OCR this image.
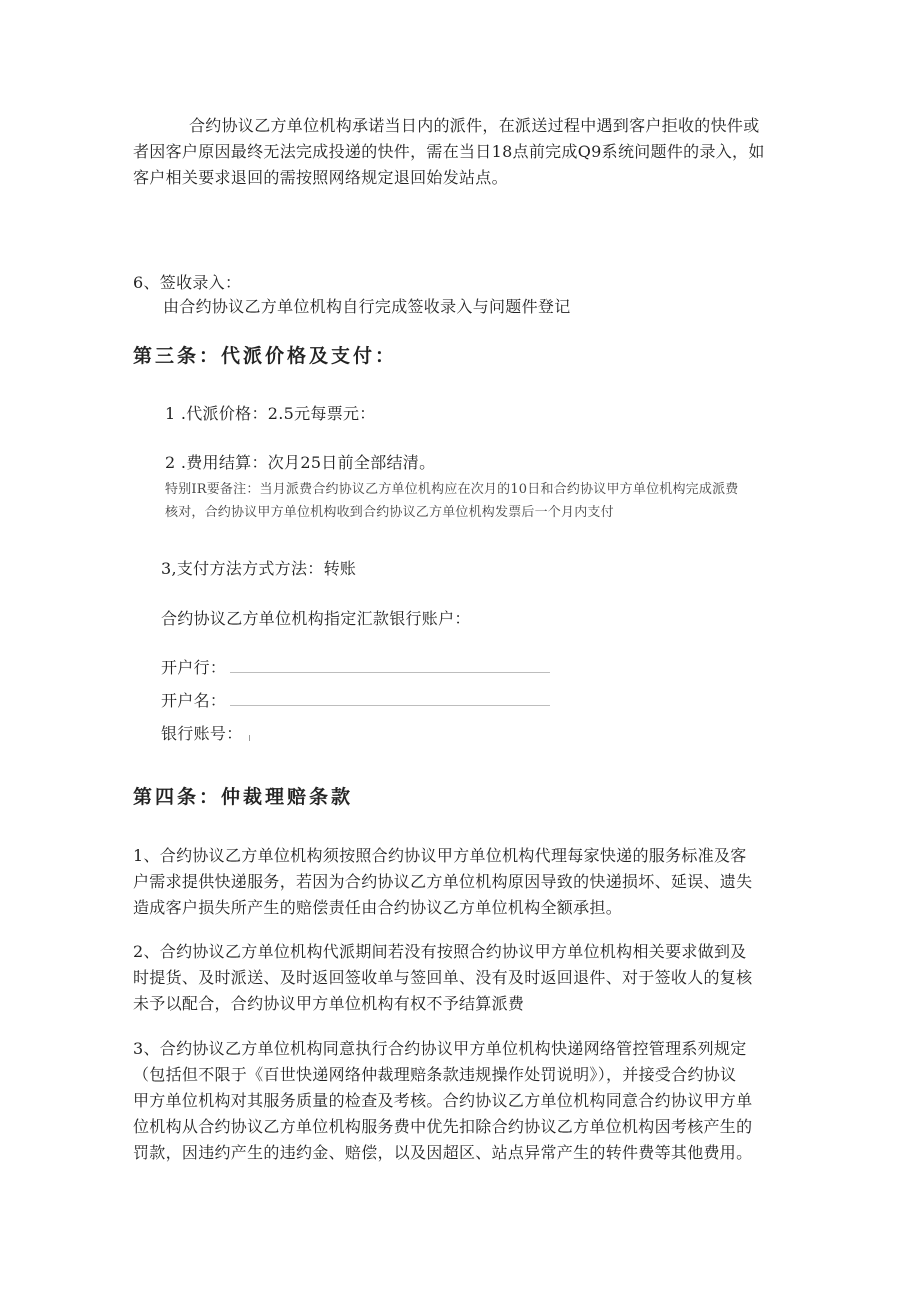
合约协议乙方单位机构承诺当日内的派件，在派送过程中遇到客户拒收的快件或

者因客户原因最终无法完成投递的快件，需在当日18点前完成Q9系统问题件的录入，如

客户相关要求退回的需按照网络规定退回始发站点。

6、签收录入：
由合约协议乙方单位机构自行完成签收录入与问题件登记
第三条：代派价格及支付：
1 .代派价格：2.5元每票元：
2 .费用结算：次月25日前全部结清。
特别IR要备注：当月派费合约协议乙方单位机构应在次月的10日和合约协议甲方单位机构完成派费
核对，合约协议甲方单位机构收到合约协议乙方单位机构发票后一个月内支付
3,支付方法方式方法：转账
合约协议乙方单位机构指定汇款银行账户：
开户行：
开户名：
银行账号：
第四条：仲裁理赔条款
1、合约协议乙方单位机构须按照合约协议甲方单位机构代理每家快递的服务标准及客
户需求提供快递服务，若因为合约协议乙方单位机构原因导致的快递损坏、延误、遗失
造成客户损失所产生的赔偿责任由合约协议乙方单位机构全额承担。
2、合约协议乙方单位机构代派期间若没有按照合约协议甲方单位机构相关要求做到及
时提货、及时派送、及时返回签收单与签回单、没有及时返回退件、对于签收人的复核
未予以配合，合约协议甲方单位机构有权不予结算派费
3、合约协议乙方单位机构同意执行合约协议甲方单位机构快递网络管控管理系列规定
（包括但不限于《百世快递网络仲裁理赔条款违规操作处罚说明》），并接受合约协议
甲方单位机构对其服务质量的检查及考核。合约协议乙方单位机构同意合约协议甲方单
位机构从合约协议乙方单位机构服务费中优先扣除合约协议乙方单位机构因考核产生的
罚款，因违约产生的违约金、赔偿，以及因超区、站点异常产生的转件费等其他费用。
